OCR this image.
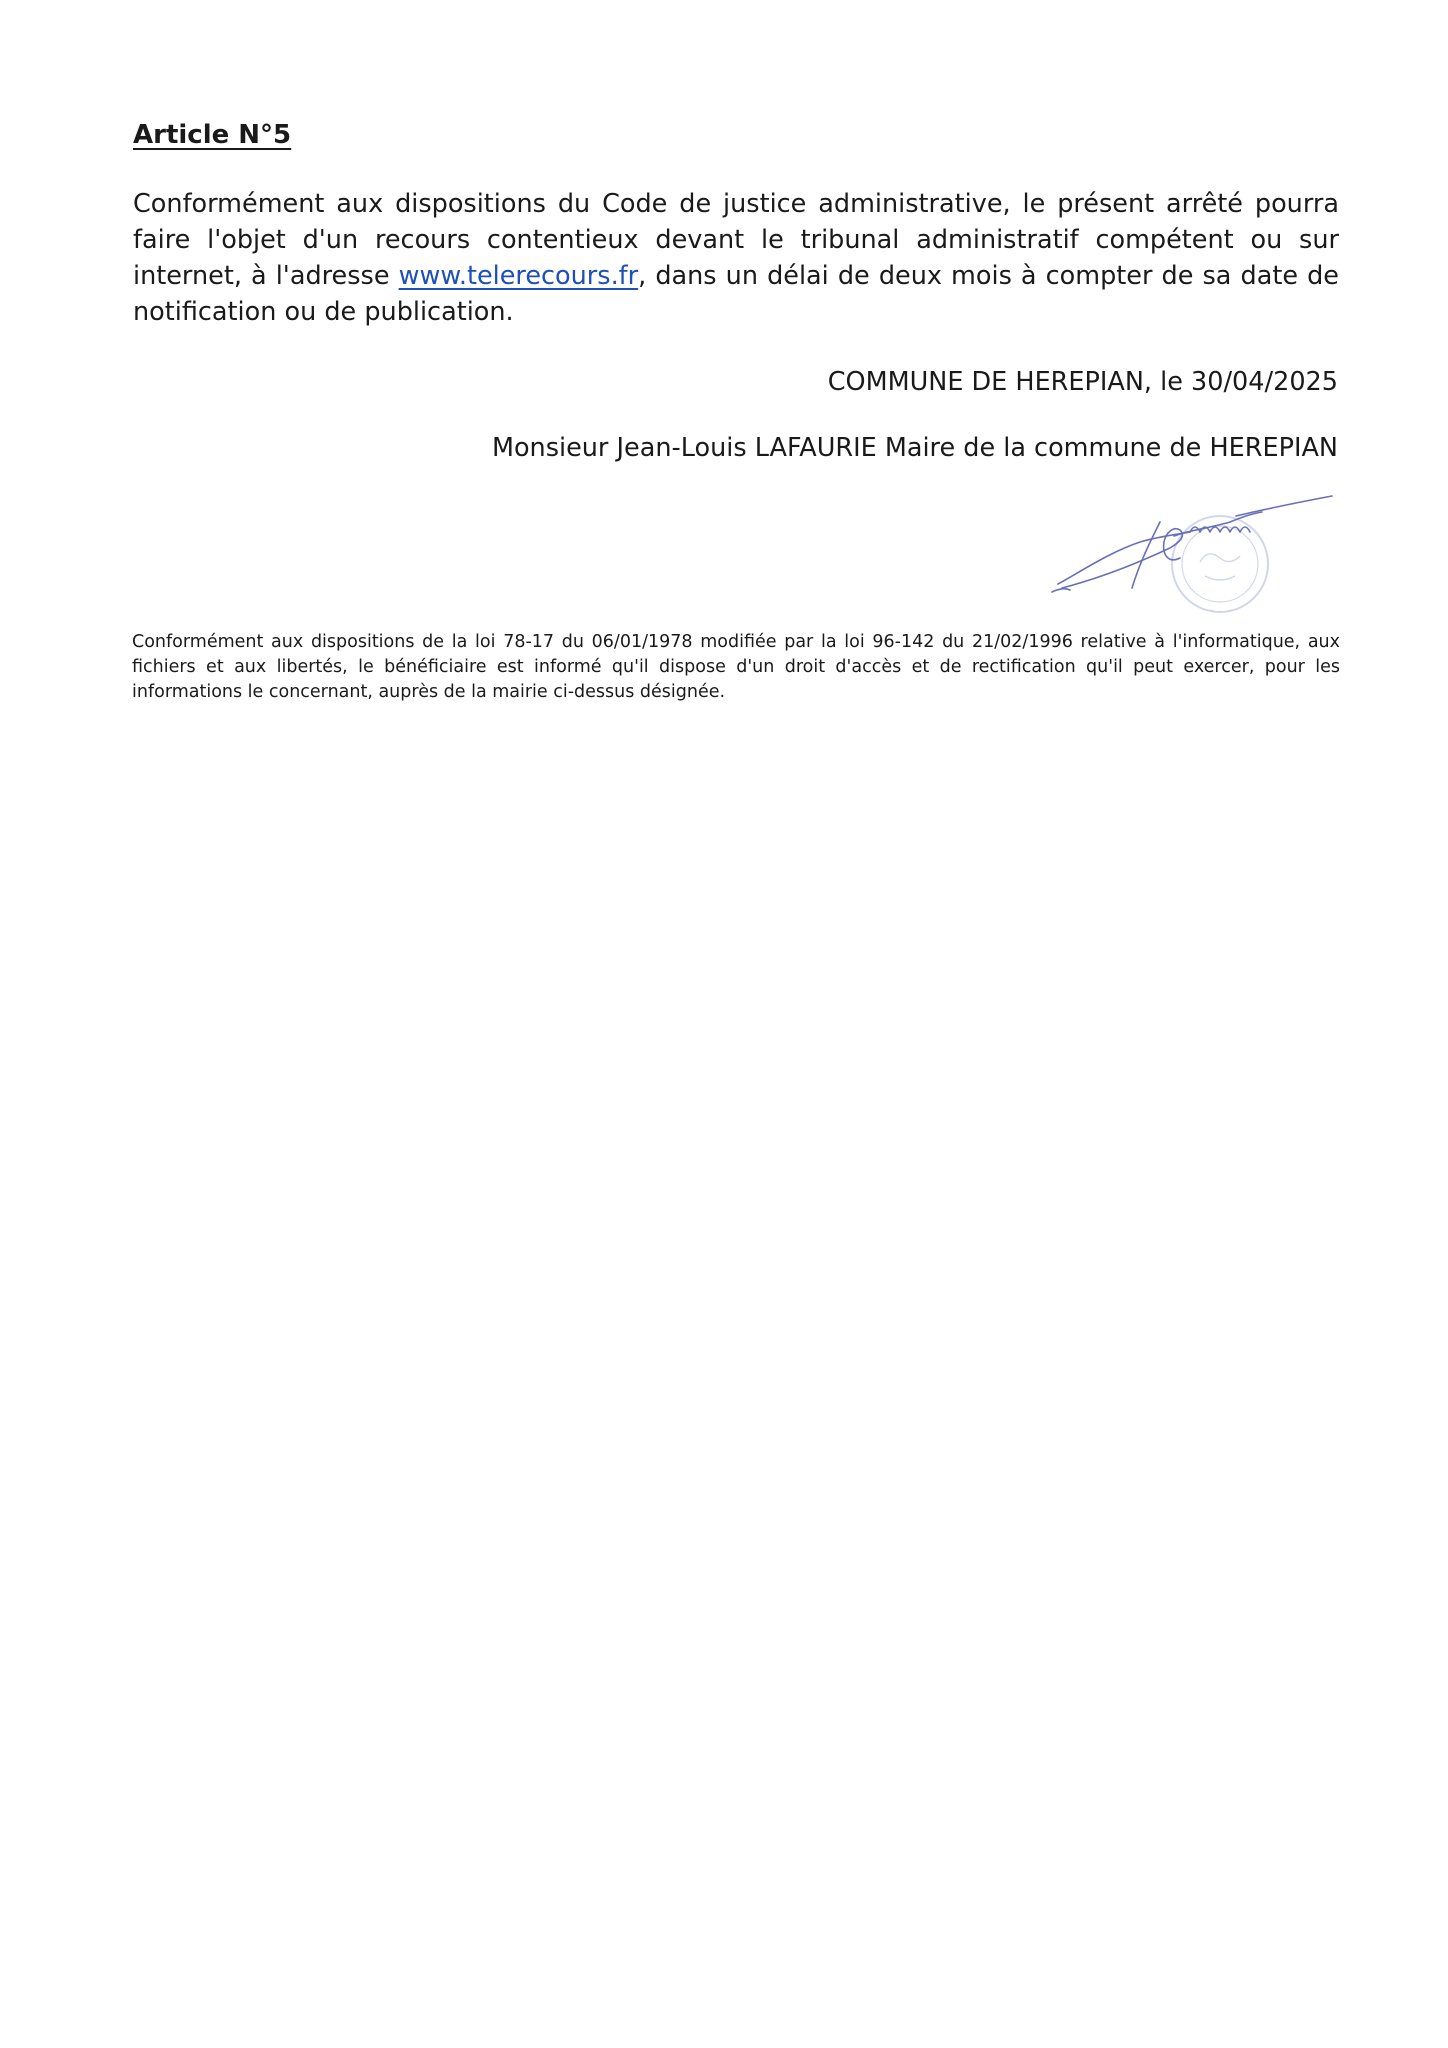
Article N°5

Conformément aux dispositions du Code de justice administrative, le présent arrêté pourra faire l'objet d'un recours contentieux devant le tribunal administratif compétent ou sur internet, à l'adresse www.telerecours.fr, dans un délai de deux mois à compter de sa date de notification ou de publication.

COMMUNE DE HEREPIAN, le 30/04/2025

Monsieur Jean-Louis LAFAURIE Maire de la commune de HEREPIAN

Conformément aux dispositions de la loi 78-17 du 06/01/1978 modifiée par la loi 96-142 du 21/02/1996 relative à l'informatique, aux fichiers et aux libertés, le bénéficiaire est informé qu'il dispose d'un droit d'accès et de rectification qu'il peut exercer, pour les informations le concernant, auprès de la mairie ci-dessus désignée.
